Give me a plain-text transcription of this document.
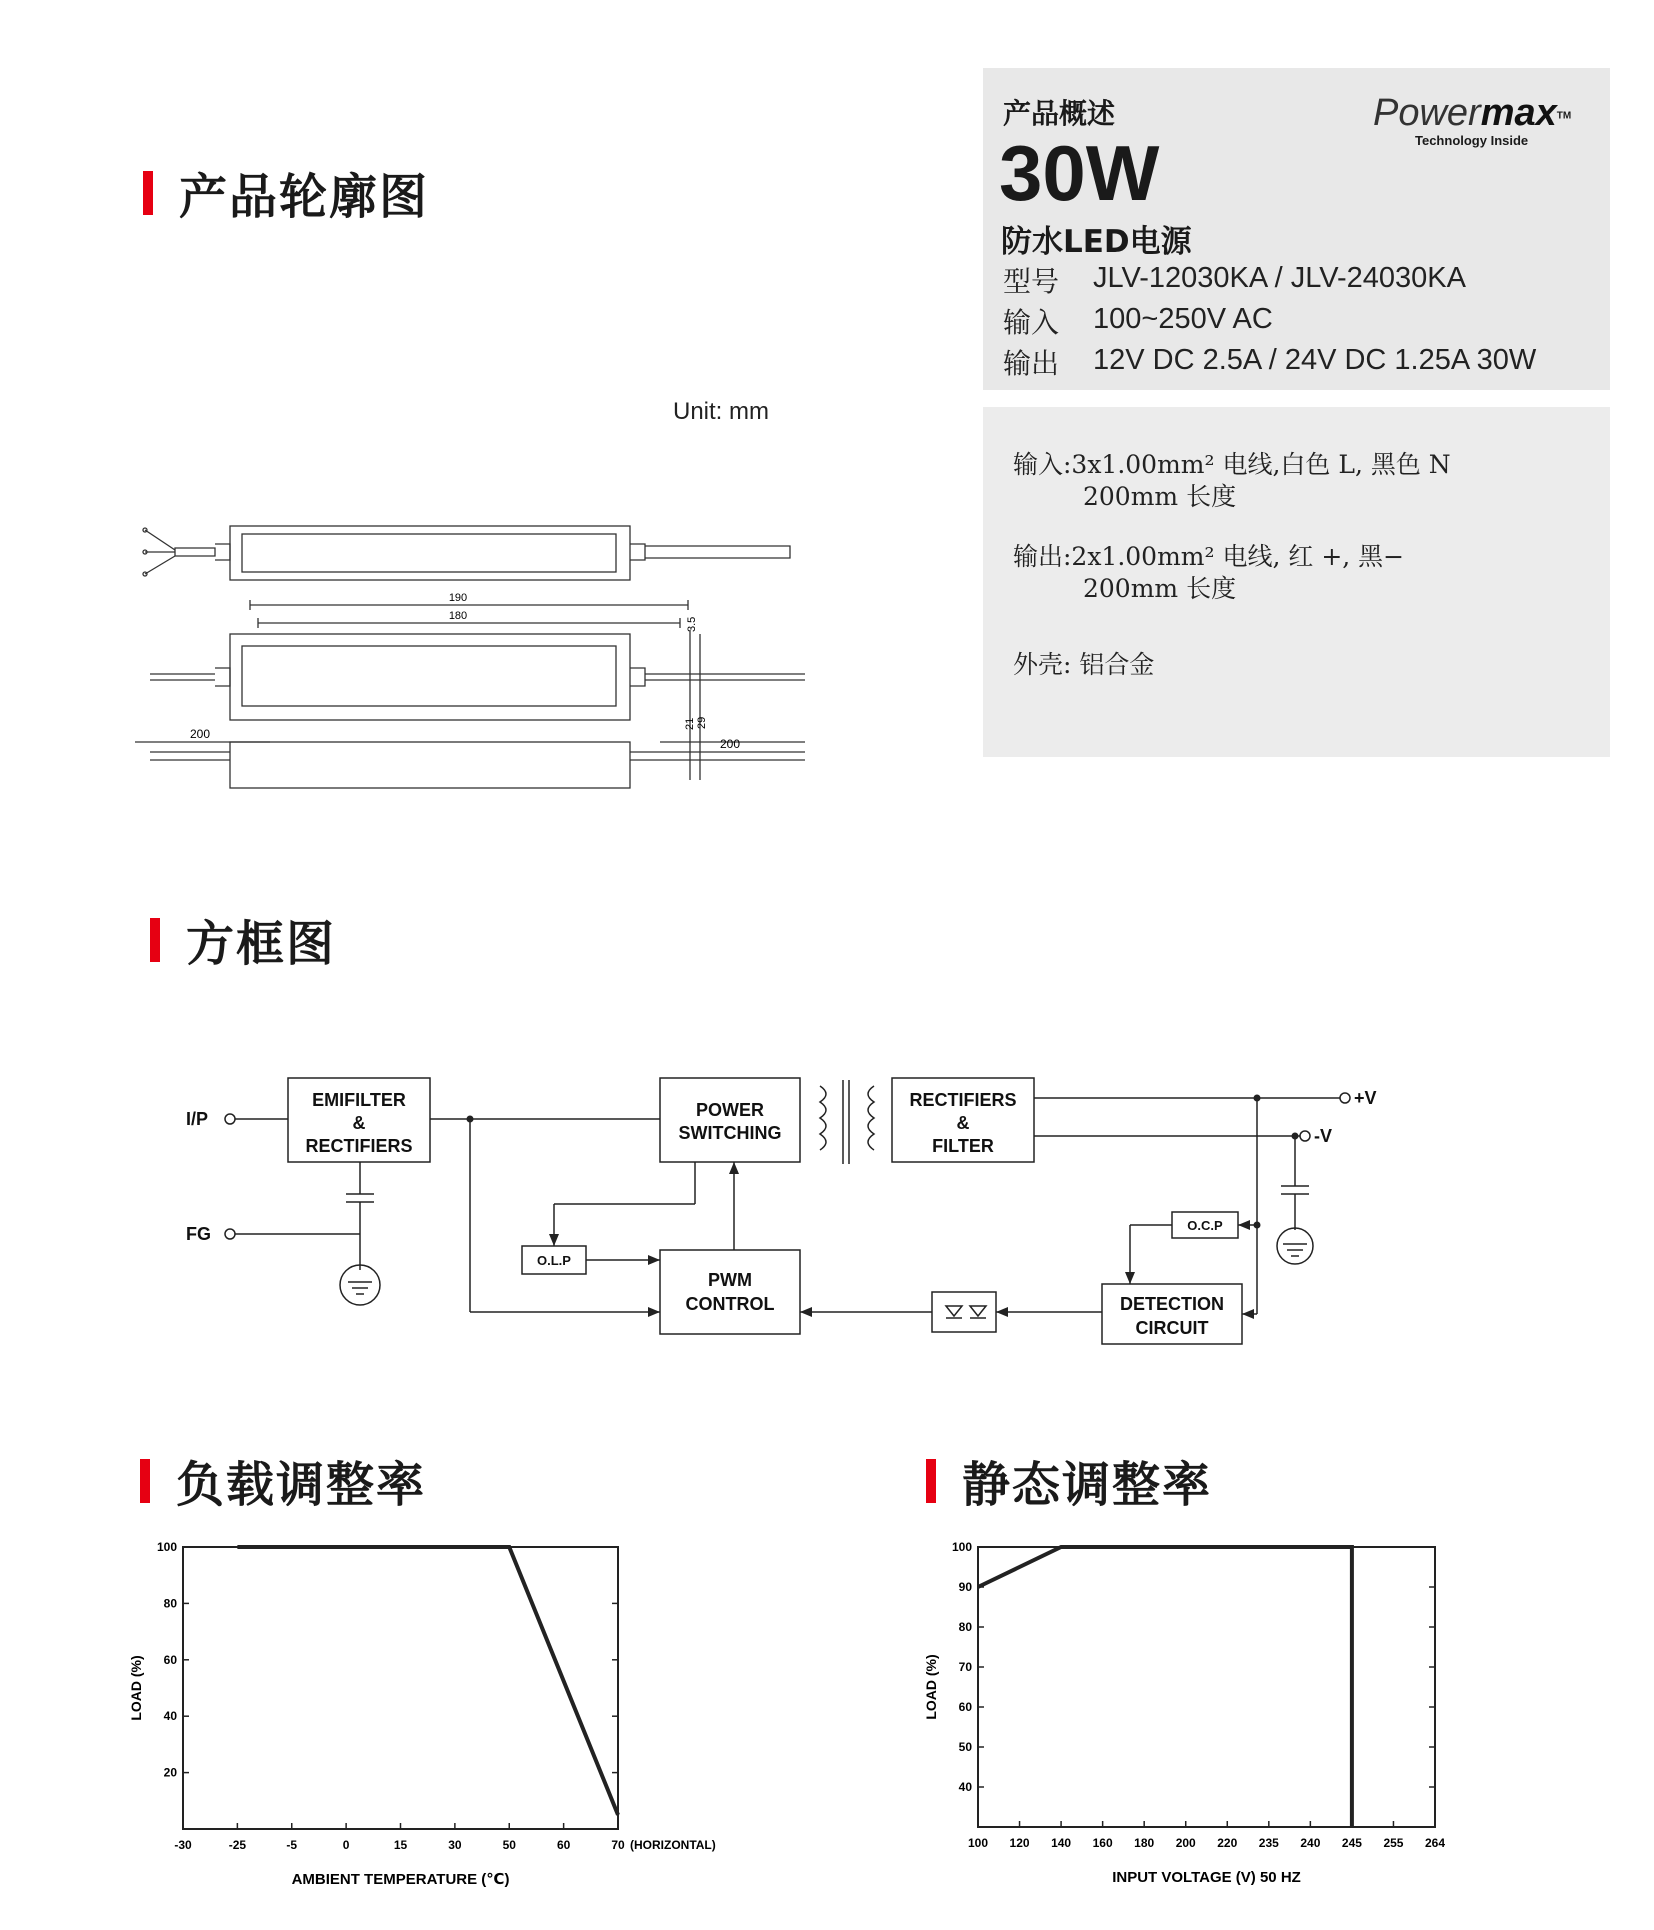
产品轮廓图
Unit: mm
190
180
3.5
21 29
200
200
产品概述
30W
防水LED电源
Powermax™
Technology Inside
型号 JLV-12030KA / JLV-24030KA
输入 100~250V AC
输出 12V DC 2.5A / 24V DC 1.25A 30W
输入:3x1.00mm² 电线,白色 L, 黑色 N
200mm 长度
输出:2x1.00mm² 电线, 红 +, 黑−
200mm 长度
外壳: 铝合金
方框图
EMIFILTER
&
RECTIFIERS
POWER
SWITCHING
RECTIFIERS
&
FILTER
PWM
CONTROL	DETECTION
CIRCUIT
O.L.P
O.C.P
I/P
FG
+V
-V
负载调整率	静态调整率
-30	-25	-5	0	15	30	50	60	70
20
40
60
80
100
AMBIENT TEMPERATURE (℃)
LOAD (%)
(HORIZONTAL)	100 120 140 160 180 200 220 235 240 245 255 264
40
50
60
70
80
90
100
INPUT VOLTAGE (V) 50 HZ
LOAD (%)
